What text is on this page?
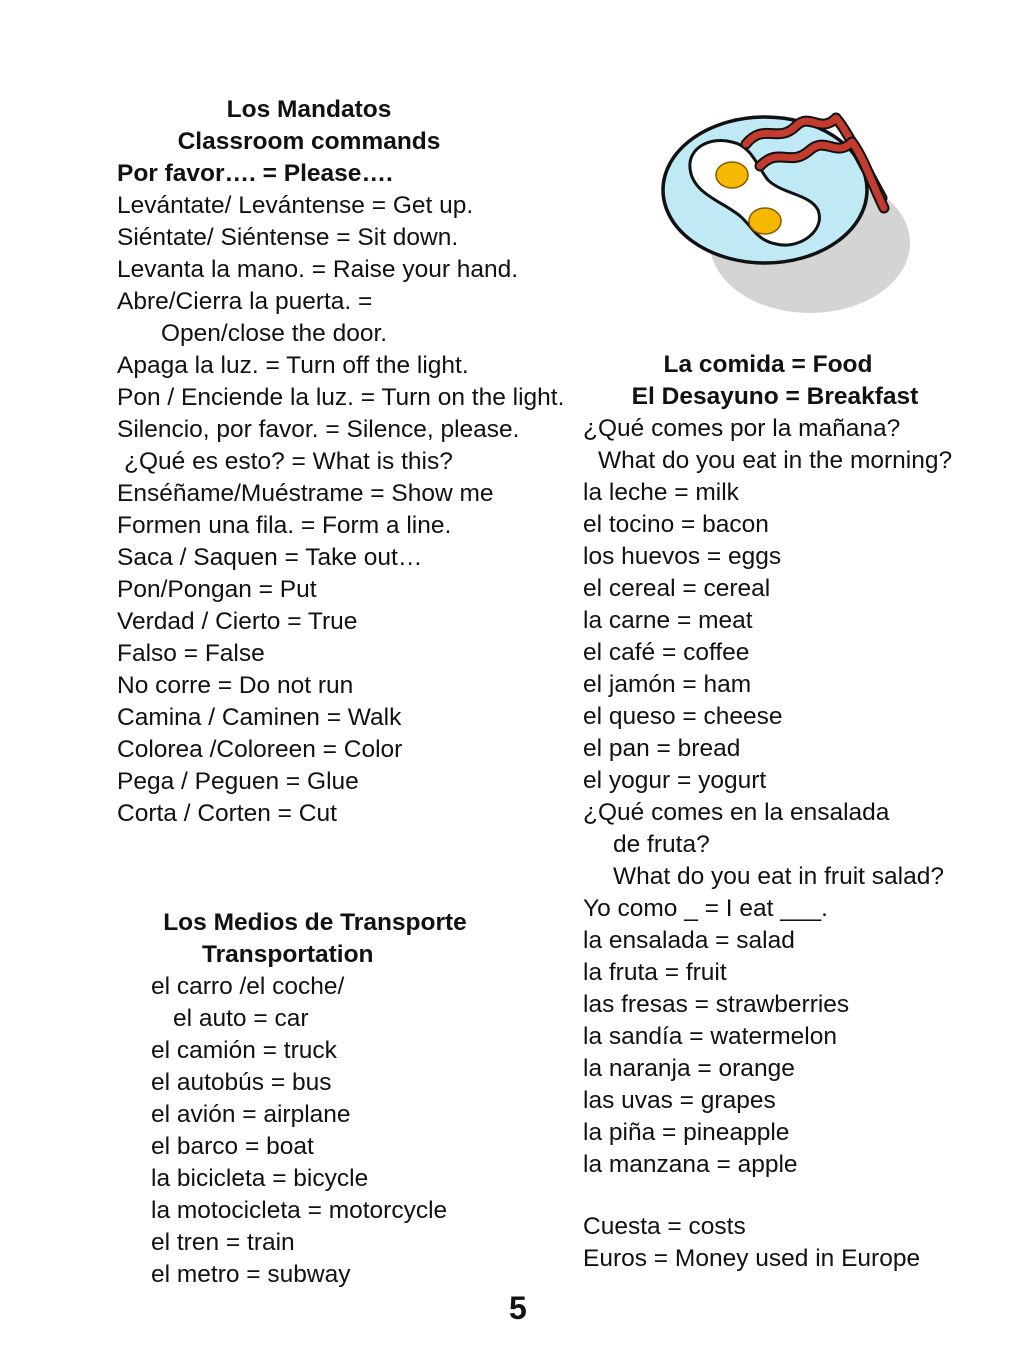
Los Mandatos
Classroom commands
Por favor…. = Please….
Levántate/ Levántense = Get up.
Siéntate/ Siéntense = Sit down.
Levanta la mano. = Raise your hand.
Abre/Cierra la puerta. =
Open/close the door.
Apaga la luz. = Turn off the light.
Pon / Enciende la luz. = Turn on the light.
Silencio, por favor. = Silence, please.
¿Qué es esto? = What is this?
Enséñame/Muéstrame = Show me
Formen una fila. = Form a line.
Saca / Saquen = Take out…
Pon/Pongan = Put
Verdad / Cierto = True
Falso = False
No corre = Do not run
Camina / Caminen = Walk
Colorea /Coloreen = Color
Pega / Peguen = Glue
Corta / Corten = Cut
Los Medios de Transporte
Transportation
el carro /el coche/
el auto = car
el camión = truck
el autobús = bus
el avión = airplane
el barco = boat
la bicicleta = bicycle
la motocicleta = motorcycle
el tren = train
el metro = subway
La comida = Food
El Desayuno = Breakfast
¿Qué comes por la mañana?
What do you eat in the morning?
la leche = milk
el tocino = bacon
los huevos = eggs
el cereal = cereal
la carne = meat
el café = coffee
el jamón = ham
el queso = cheese
el pan = bread
el yogur = yogurt
¿Qué comes en la ensalada
de fruta?
What do you eat in fruit salad?
Yo como _ = I eat ___.
la ensalada = salad
la fruta = fruit
las fresas = strawberries
la sandía = watermelon
la naranja = orange
las uvas = grapes
la piña = pineapple
la manzana = apple
Cuesta = costs
Euros = Money used in Europe
5
